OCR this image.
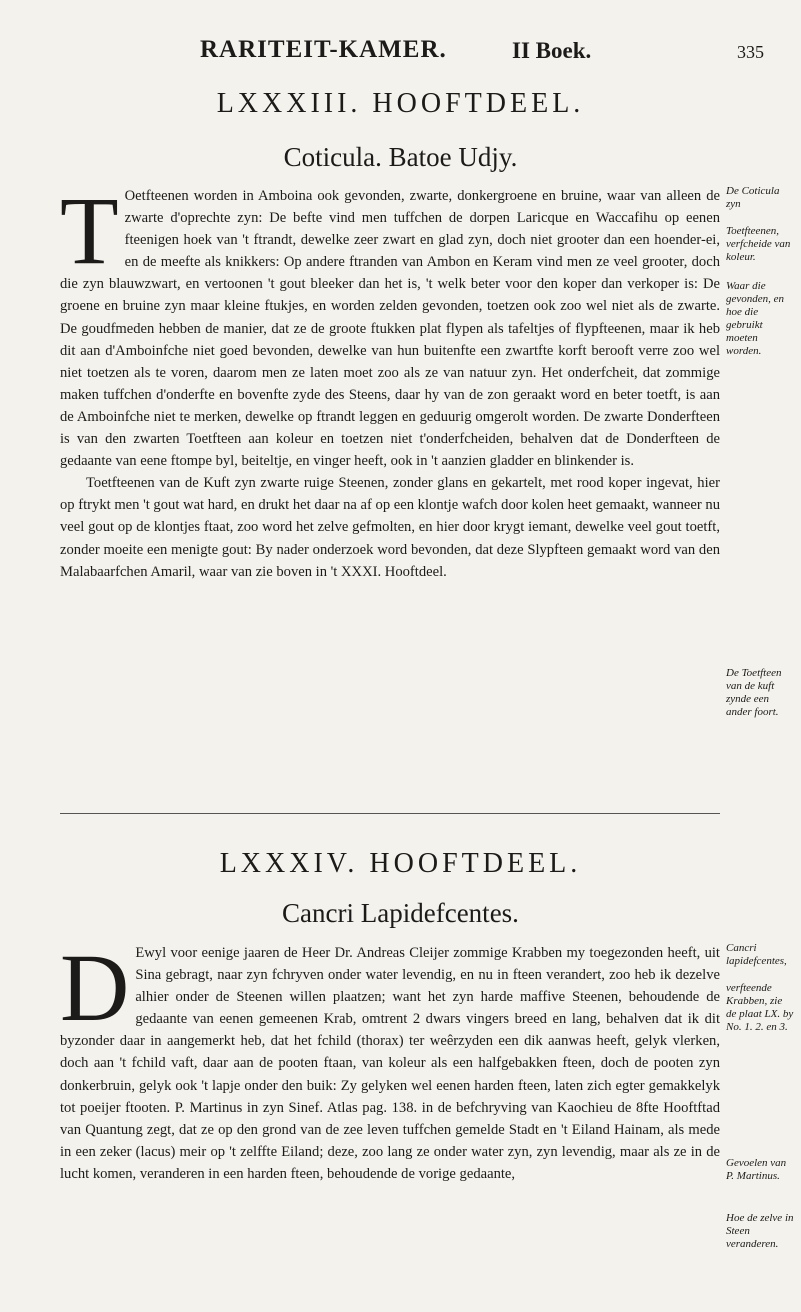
RARITEIT-KAMER.	II Boek.	335
LXXXIII. HOOFTDEEL.
Coticula. Batoe Udjy.

T Oetfteenen worden in Amboina ook gevonden, zwarte, donkergroene en bruine, waar van alleen de zwarte d'oprechte zyn: De befte vind men tuffchen de dorpen Laricque en Waccafihu op eenen fteenigen hoek van 't ftrandt, dewelke zeer zwart en glad zyn, doch niet grooter dan een hoender-ei, en de meefte als knikkers: Op andere ftranden van Ambon en Keram vind men ze veel grooter, doch die zyn blauwzwart, en vertoonen 't gout bleeker dan het is, 't welk beter voor den koper dan verkoper is: De groene en bruine zyn maar kleine ftukjes, en worden zelden gevonden, toetzen ook zoo wel niet als de zwarte. De goudfmeden hebben de manier, dat ze de groote ftukken plat flypen als tafeltjes of flypfteenen, maar ik heb dit aan d'Amboinfche niet goed bevonden, dewelke van hun buitenfte een zwartfte korft berooft verre zoo wel niet toetzen als te voren, daarom men ze laten moet zoo als ze van natuur zyn. Het onderfcheit, dat zommige maken tuffchen d'onderfte en bovenfte zyde des Steens, daar hy van de zon geraakt word en beter toetft, is aan de Amboinfche niet te merken, dewelke op ftrandt leggen en geduurig omgerolt worden. De zwarte Donderfteen is van den zwarten Toetfteen aan koleur en toetzen niet t'onderfcheiden, behalven dat de Donderfteen de gedaante van eene ftompe byl, beiteltje, en vinger heeft, ook in 't aanzien gladder en blinkender is.

Toetfteenen van de Kuft zyn zwarte ruige Steenen, zonder glans en gekartelt, met rood koper ingevat, hier op ftrykt men 't gout wat hard, en drukt het daar na af op een klontje wafch door kolen heet gemaakt, wanneer nu veel gout op de klontjes ftaat, zoo word het zelve gefmolten, en hier door krygt iemant, dewelke veel gout toetft, zonder moeite een menigte gout: By nader onderzoek word bevonden, dat deze Slypfteen gemaakt word van den Malabaarfchen Amaril, waar van zie boven in 't XXXI. Hooftdeel.

De Coticula zyn
Toetfteenen, verfcheide van koleur.
Waar die gevonden, en hoe die gebruikt moeten worden.
De Toetfteen van de kuft zynde een ander foort.
LXXXIV. HOOFTDEEL.
Cancri Lapidefcentes.

D Ewyl voor eenige jaaren de Heer Dr. Andreas Cleijer zommige Krabben my toegezonden heeft, uit Sina gebragt, naar zyn fchryven onder water levendig, en nu in fteen verandert, zoo heb ik dezelve alhier onder de Steenen willen plaatzen; want het zyn harde maffive Steenen, behoudende de gedaante van eenen gemeenen Krab, omtrent 2 dwars vingers breed en lang, behalven dat ik dit byzonder daar in aangemerkt heb, dat het fchild (thorax) ter weêrzyden een dik aanwas heeft, gelyk vlerken, doch aan 't fchild vaft, daar aan de pooten ftaan, van koleur als een halfgebakken fteen, doch de pooten zyn donkerbruin, gelyk ook 't lapje onder den buik: Zy gelyken wel eenen harden fteen, laten zich egter gemakkelyk tot poeijer ftooten. P. Martinus in zyn Sinef. Atlas pag. 138. in de befchryving van Kaochieu de 8fte Hooftftad van Quantung zegt, dat ze op den grond van de zee leven tuffchen gemelde Stadt en 't Eiland Hainam, als mede in een zeker (lacus) meir op 't zelffte Eiland; deze, zoo lang ze onder water zyn, zyn levendig, maar als ze in de lucht komen, veranderen in een harden fteen, behoudende de vorige gedaante,

Cancri lapidefcentes,
verfteende Krabben, zie de plaat LX. by No. 1. 2. en 3.
Gevoelen van P. Martinus.
Hoe de zelve in Steen veranderen.
